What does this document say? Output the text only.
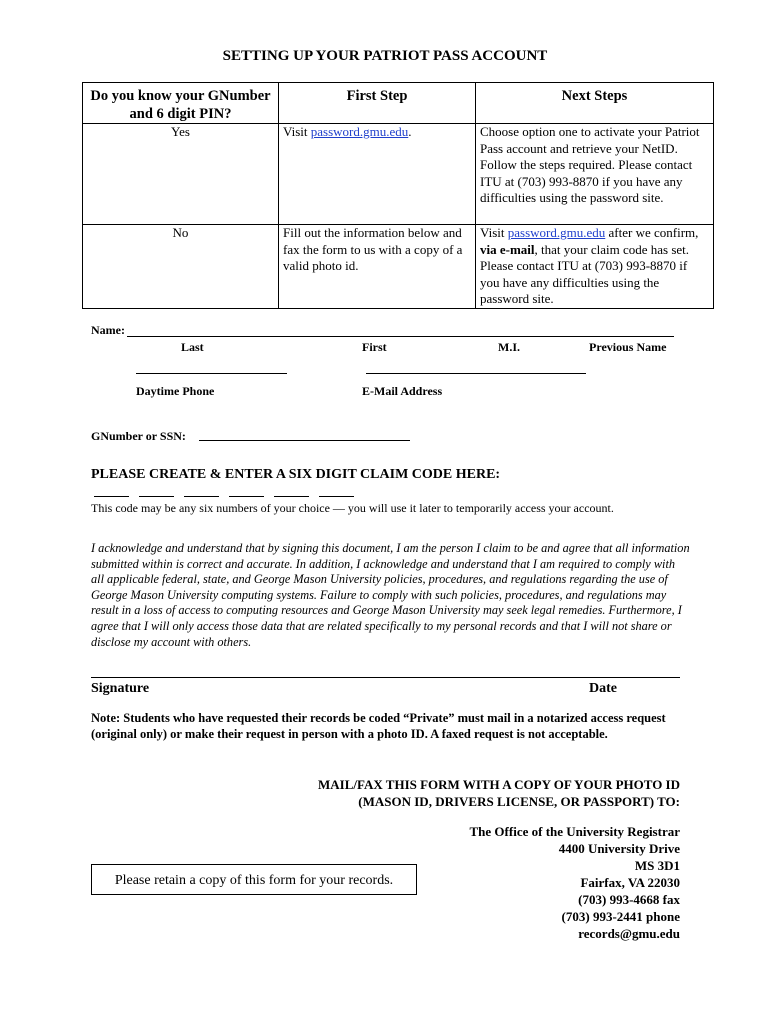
SETTING UP YOUR PATRIOT PASS ACCOUNT
Do you know your GNumber and 6 digit PIN?	First Step	Next Steps
Yes	Visit password.gmu.edu.	Choose option one to activate your Patriot Pass account and retrieve your NetID. Follow the steps required. Please contact ITU at (703) 993-8870 if you have any difficulties using the password site.
No	Fill out the information below and fax the form to us with a copy of a valid photo id.	Visit password.gmu.edu after we confirm, via e-mail, that your claim code has set. Please contact ITU at (703) 993-8870 if you have any difficulties using the password site.
Name:
Last	First	M.I.	Previous Name
Daytime Phone	E-Mail Address
GNumber or SSN:
PLEASE CREATE & ENTER A SIX DIGIT CLAIM CODE HERE:
This code may be any six numbers of your choice — you will use it later to temporarily access your account.
I acknowledge and understand that by signing this document, I am the person I claim to be and agree that all information submitted within is correct and accurate. In addition, I acknowledge and understand that I am required to comply with all applicable federal, state, and George Mason University policies, procedures, and regulations regarding the use of George Mason University computing systems. Failure to comply with such policies, procedures, and regulations may result in a loss of access to computing resources and George Mason University may seek legal remedies. Furthermore, I agree that I will only access those data that are related specifically to my personal records and that I will not share or disclose my account with others.
Signature	Date
Note: Students who have requested their records be coded “Private” must mail in a notarized access request (original only) or make their request in person with a photo ID. A faxed request is not acceptable.
MAIL/FAX THIS FORM WITH A COPY OF YOUR PHOTO ID
(MASON ID, DRIVERS LICENSE, OR PASSPORT) TO:
The Office of the University Registrar
4400 University Drive
MS 3D1
Fairfax, VA 22030
(703) 993-4668 fax
(703) 993-2441 phone
records@gmu.edu
Please retain a copy of this form for your records.
